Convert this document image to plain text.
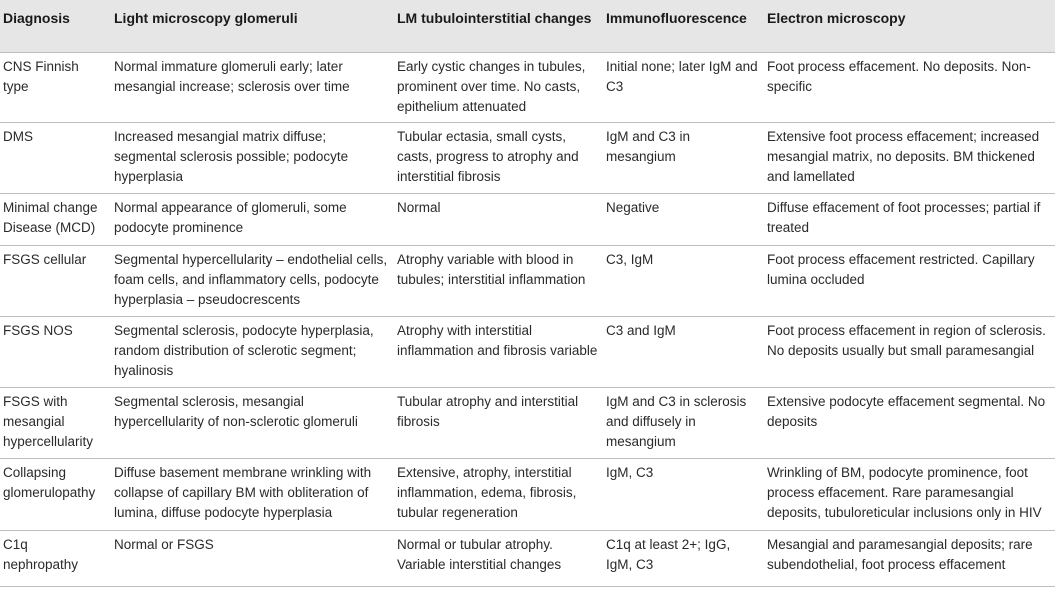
Diagnosis	Light microscopy glomeruli	LM tubulointerstitial changes	Immunofluorescence	Electron microscopy
CNS Finnish type	Normal immature glomeruli early; later mesangial increase; sclerosis over time	Early cystic changes in tubules, prominent over time. No casts, epithelium attenuated	Initial none; later IgM and C3	Foot process effacement. No deposits. Non-specific
DMS	Increased mesangial matrix diffuse; segmental sclerosis possible; podocyte hyperplasia	Tubular ectasia, small cysts, casts, progress to atrophy and interstitial fibrosis	IgM and C3 in mesangium	Extensive foot process effacement; increased mesangial matrix, no deposits. BM thickened and lamellated
Minimal change Disease (MCD)	Normal appearance of glomeruli, some podocyte prominence	Normal	Negative	Diffuse effacement of foot processes; partial if treated
FSGS cellular	Segmental hypercellularity – endothelial cells, foam cells, and inflammatory cells, podocyte hyperplasia – pseudocrescents	Atrophy variable with blood in tubules; interstitial inflammation	C3, IgM	Foot process effacement restricted. Capillary lumina occluded
FSGS NOS	Segmental sclerosis, podocyte hyperplasia, random distribution of sclerotic segment; hyalinosis	Atrophy with interstitial inflammation and fibrosis variable	C3 and IgM	Foot process effacement in region of sclerosis. No deposits usually but small paramesangial
FSGS with mesangial hypercellularity	Segmental sclerosis, mesangial hypercellularity of non-sclerotic glomeruli	Tubular atrophy and interstitial fibrosis	IgM and C3 in sclerosis and diffusely in mesangium	Extensive podocyte effacement segmental. No deposits
Collapsing glomerulopathy	Diffuse basement membrane wrinkling with collapse of capillary BM with obliteration of lumina, diffuse podocyte hyperplasia	Extensive, atrophy, interstitial inflammation, edema, fibrosis, tubular regeneration	IgM, C3	Wrinkling of BM, podocyte prominence, foot process effacement. Rare paramesangial deposits, tubuloreticular inclusions only in HIV
C1q nephropathy	Normal or FSGS	Normal or tubular atrophy. Variable interstitial changes	C1q at least 2+; IgG, IgM, C3	Mesangial and paramesangial deposits; rare subendothelial, foot process effacement
